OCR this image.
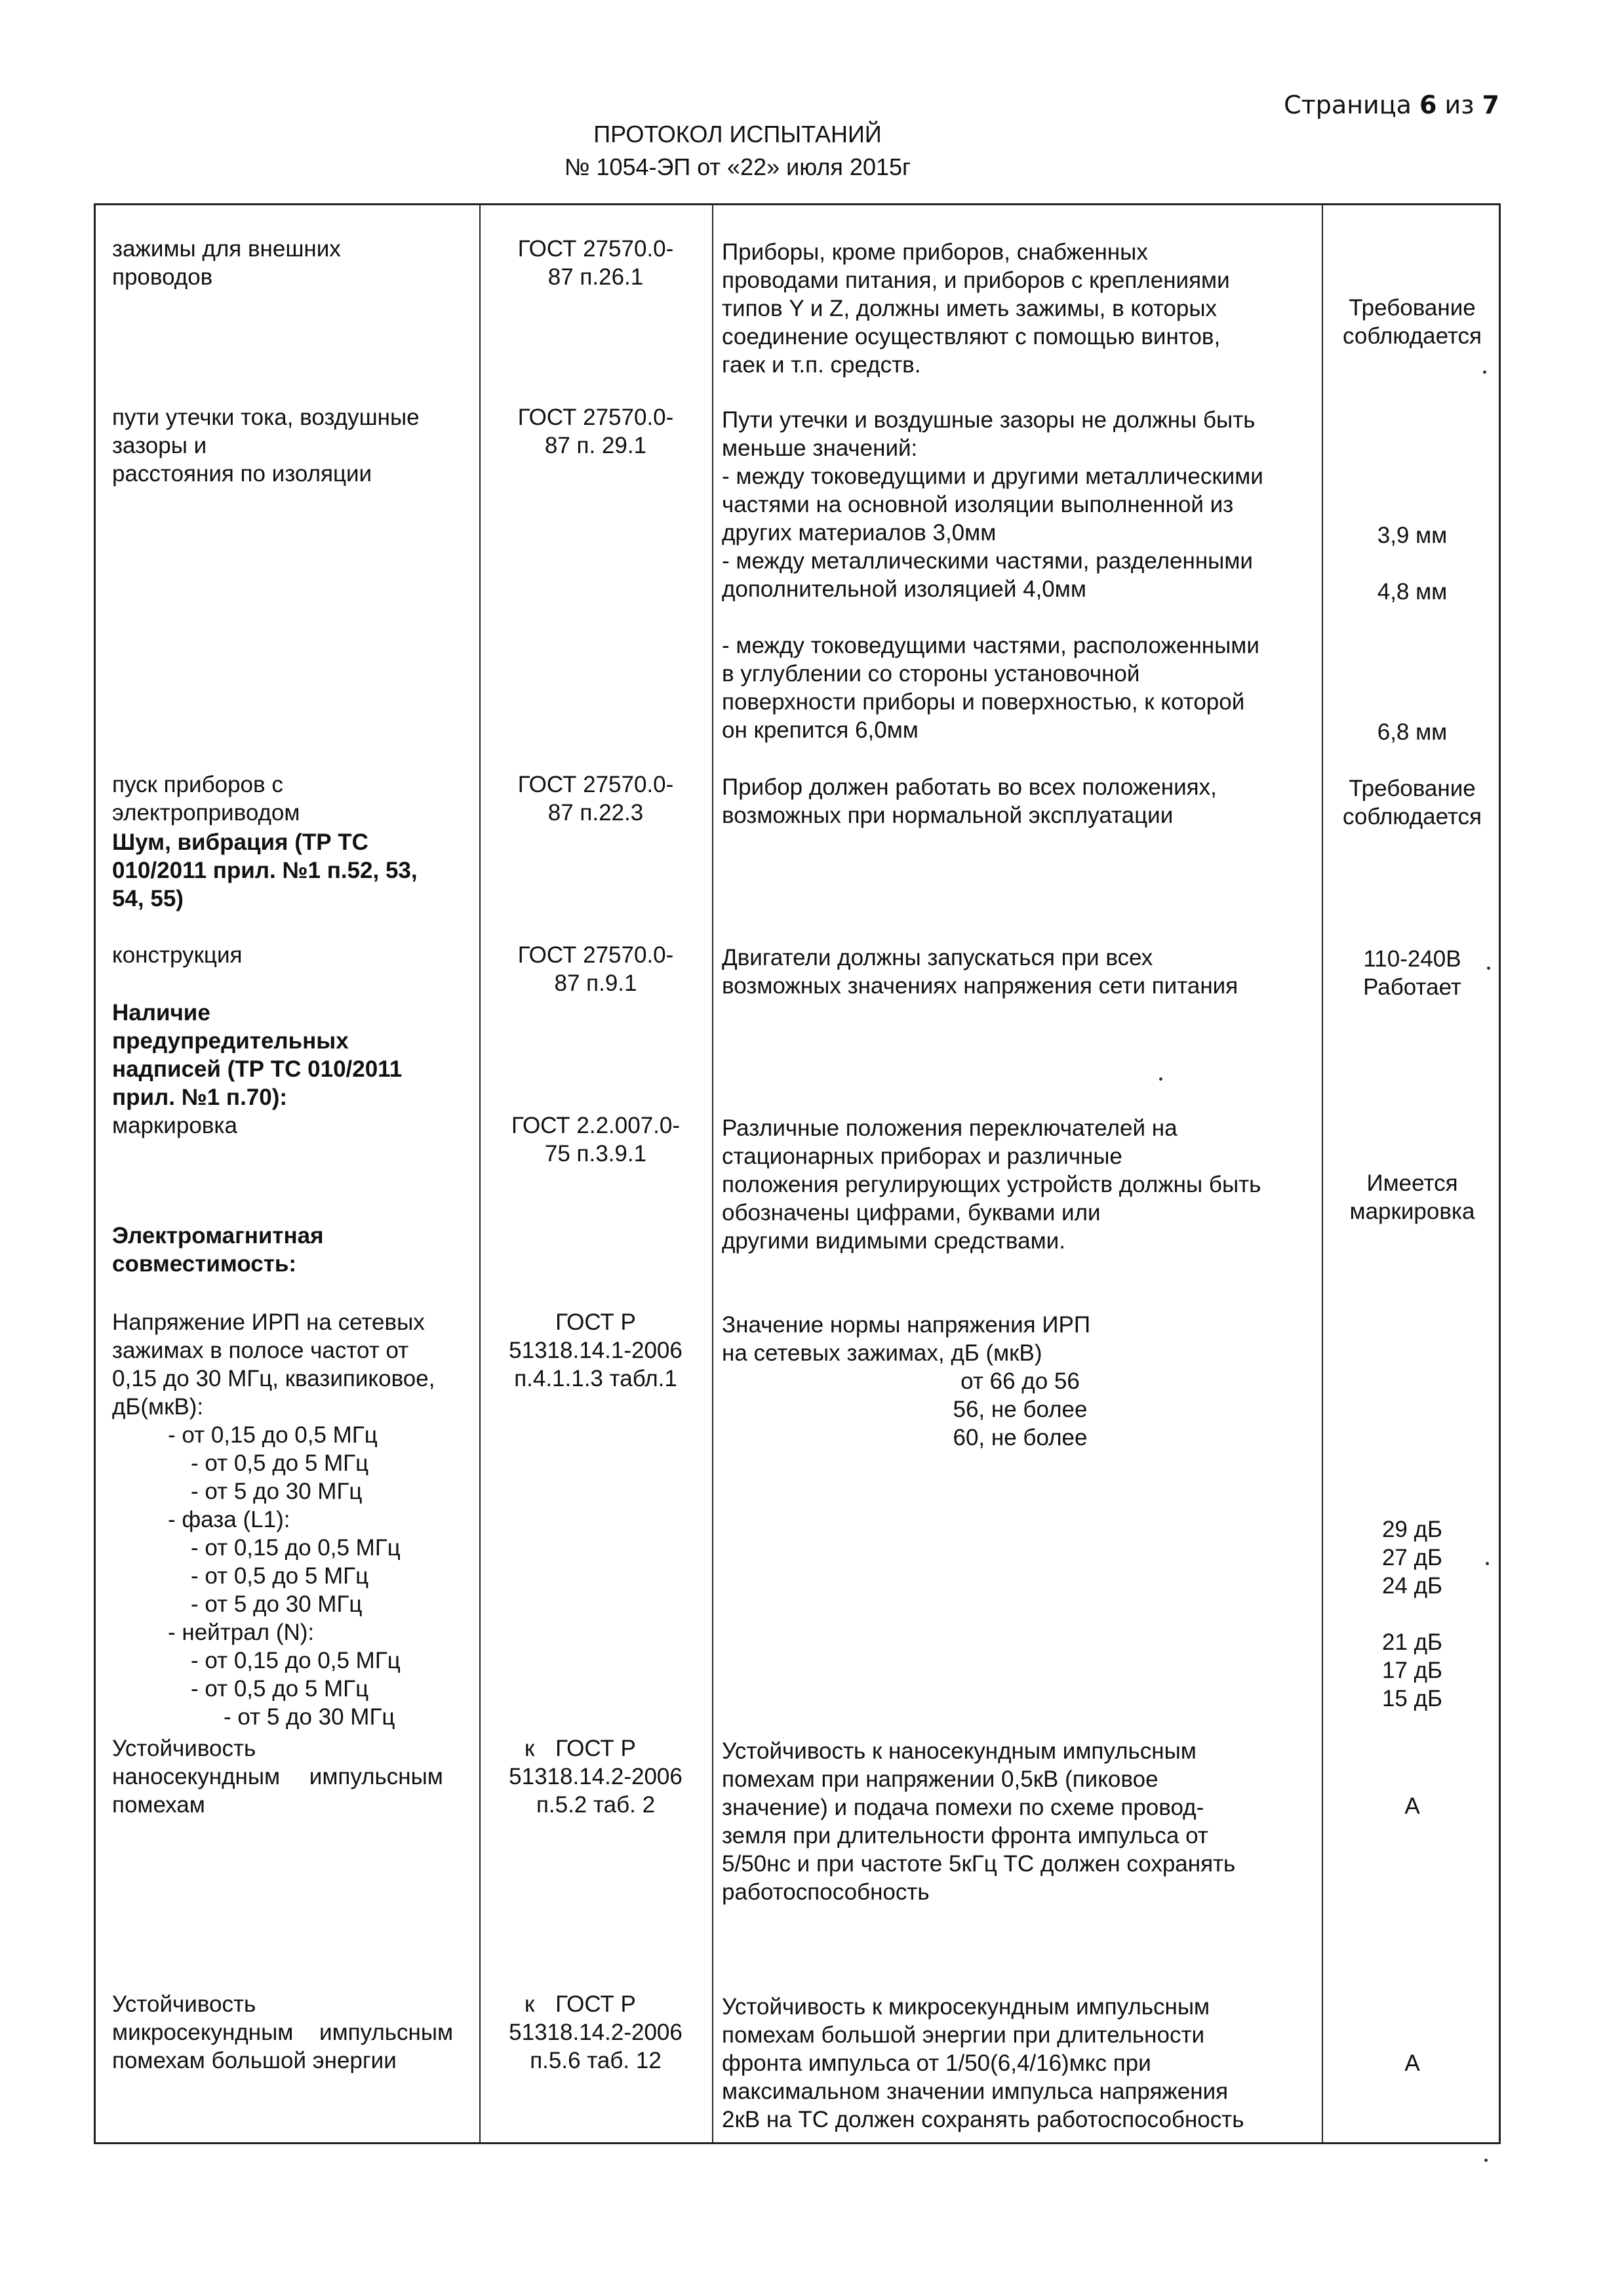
Страница 6 из 7
ПРОТОКОЛ ИСПЫТАНИЙ
№ 1054-ЭП от «22» июля 2015г
зажимы для внешних
проводов
ГОСТ 27570.0-
87 п.26.1
Приборы, кроме приборов, снабженных
проводами питания, и приборов с креплениями
типов Y и Z, должны иметь зажимы, в которых
соединение осуществляют с помощью винтов,
гаек и т.п. средств.
Требование
соблюдается
пути утечки тока, воздушные
зазоры и
расстояния по изоляции
ГОСТ 27570.0-
87 п. 29.1
Пути утечки и воздушные зазоры не должны быть
меньше значений:
- между токоведущими и другими металлическими
частями на основной изоляции выполненной из
других материалов 3,0мм
- между металлическими частями, разделенными
дополнительной изоляцией 4,0мм
- между токоведущими частями, расположенными
в углублении со стороны установочной
поверхности приборы и поверхностью, к которой
он крепится 6,0мм
3,9 мм
4,8 мм
6,8 мм
пуск приборов с
электроприводом
ГОСТ 27570.0-
87 п.22.3
Прибор должен работать во всех положениях,
возможных при нормальной эксплуатации
Требование
соблюдается
Шум, вибрация (ТР ТС
010/2011 прил. №1 п.52, 53,
54, 55)
конструкция	ГОСТ 27570.0-
87 п.9.1
Двигатели должны запускаться при всех
возможных значениях напряжения сети питания
110-240В
Работает
Наличие
предупредительных
надписей (ТР ТС 010/2011
прил. №1 п.70):
маркировка	ГОСТ 2.2.007.0-
75 п.3.9.1
Различные положения переключателей на
стационарных приборах и различные
положения регулирующих устройств должны быть
обозначены цифрами, буквами или
другими видимыми средствами.
Имеется
маркировка
Электромагнитная
совместимость:
Напряжение ИРП на сетевых
зажимах в полосе частот от
0,15 до 30 МГц, квазипиковое,
дБ(мкВ):
- от 0,15 до 0,5 МГц
- от 0,5 до 5 МГц
- от 5 до 30 МГц
- фаза (L1):
- от 0,15 до 0,5 МГц
- от 0,5 до 5 МГц
- от 5 до 30 МГц
- нейтрал (N):
- от 0,15 до 0,5 МГц
- от 0,5 до 5 МГц
- от 5 до 30 МГц
ГОСТ Р
51318.14.1-2006
п.4.1.1.3 табл.1
Значение нормы напряжения ИРП
на сетевых зажимах, дБ (мкВ)
от 66 до 56
56, не более
60, не более
29 дБ
27 дБ
24 дБ
21 дБ
17 дБ
15 дБ
Устойчивость к
наносекундным импульсным
помехам
ГОСТ Р
51318.14.2-2006
п.5.2 таб. 2
Устойчивость к наносекундным импульсным
помехам при напряжении 0,5кВ (пиковое
значение) и подача помехи по схеме провод-
земля при длительности фронта импульса от
5/50нс и при частоте 5кГц ТС должен сохранять
работоспособность
А
Устойчивость к
микросекундным импульсным
помехам большой энергии
ГОСТ Р
51318.14.2-2006
п.5.6 таб. 12
Устойчивость к микросекундным импульсным
помехам большой энергии при длительности
фронта импульса от 1/50(6,4/16)мкс при
максимальном значении импульса напряжения
2кВ на ТС должен сохранять работоспособность
А
